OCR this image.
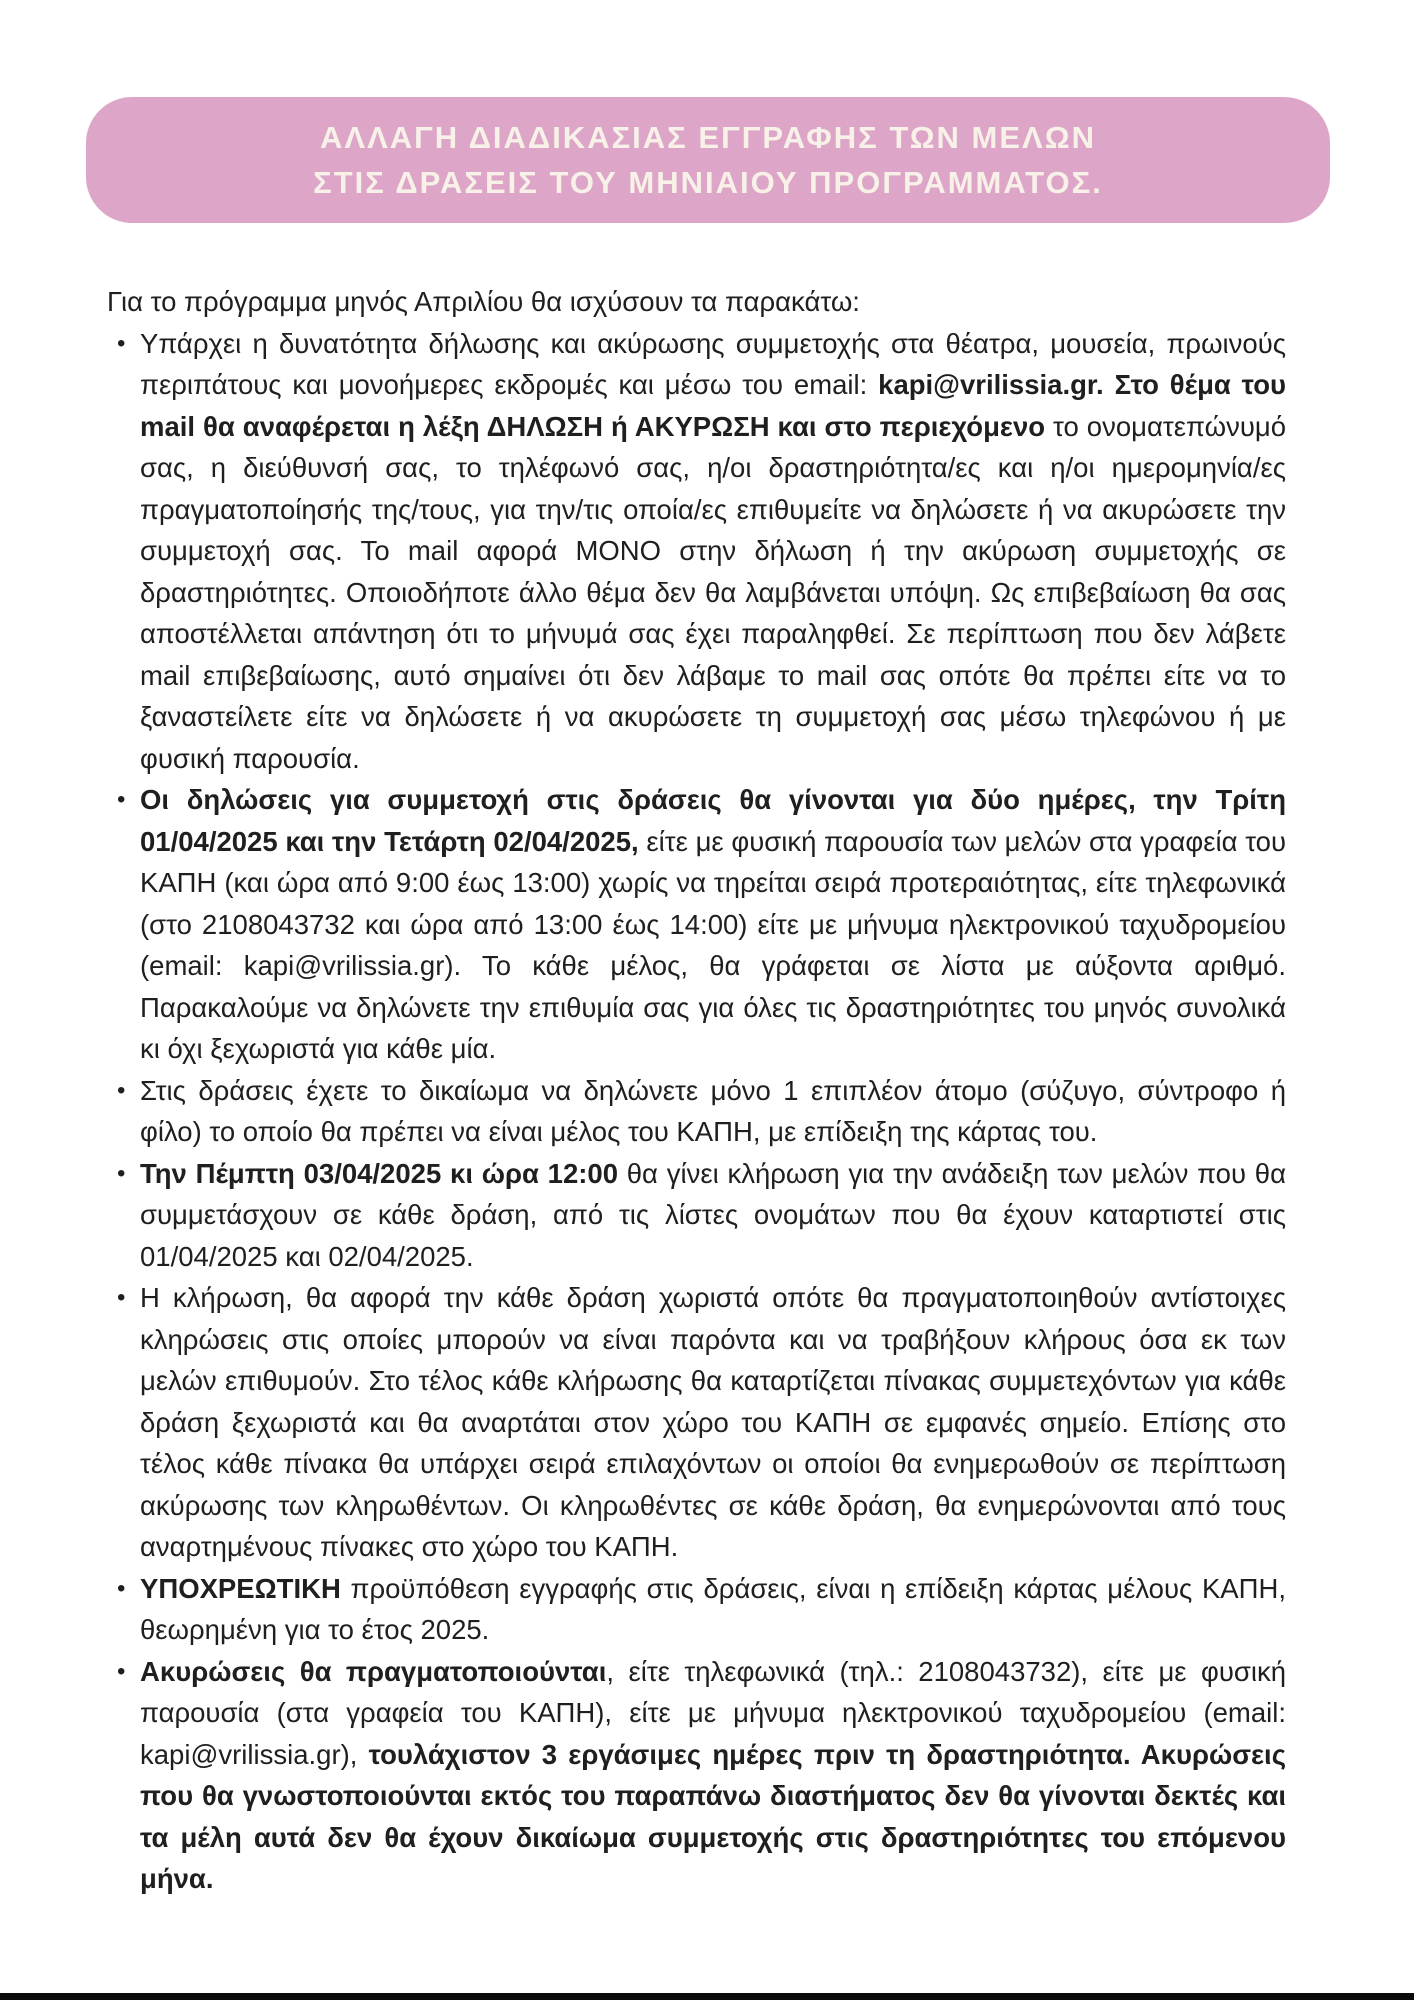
ΑΛΛΑΓΗ ΔΙΑΔΙΚΑΣΙΑΣ ΕΓΓΡΑΦΗΣ ΤΩΝ ΜΕΛΩΝ
ΣΤΙΣ ΔΡΑΣΕΙΣ ΤΟΥ ΜΗΝΙΑΙΟΥ ΠΡΟΓΡΑΜΜΑΤΟΣ.

Για το πρόγραμμα μηνός Απριλίου θα ισχύσουν τα παρακάτω:

• Υπάρχει η δυνατότητα δήλωσης και ακύρωσης συμμετοχής στα θέατρα, μουσεία, πρωινούς περιπάτους και μονοήμερες εκδρομές και μέσω του email: kapi@vrilissia.gr. Στο θέμα του mail θα αναφέρεται η λέξη ΔΗΛΩΣΗ ή ΑΚΥΡΩΣΗ και στο περιεχόμενο το ονοματεπώνυμό σας, η διεύθυνσή σας, το τηλέφωνό σας, η/οι δραστηριότητα/ες και η/οι ημερομηνία/ες πραγματοποίησής της/τους, για την/τις οποία/ες επιθυμείτε να δηλώσετε ή να ακυρώσετε την συμμετοχή σας. Το mail αφορά ΜΟΝΟ στην δήλωση ή την ακύρωση συμμετοχής σε δραστηριότητες. Οποιοδήποτε άλλο θέμα δεν θα λαμβάνεται υπόψη. Ως επιβεβαίωση θα σας αποστέλλεται απάντηση ότι το μήνυμά σας έχει παραληφθεί. Σε περίπτωση που δεν λάβετε mail επιβεβαίωσης, αυτό σημαίνει ότι δεν λάβαμε το mail σας οπότε θα πρέπει είτε να το ξαναστείλετε είτε να δηλώσετε ή να ακυρώσετε τη συμμετοχή σας μέσω τηλεφώνου ή με φυσική παρουσία.
• Οι δηλώσεις για συμμετοχή στις δράσεις θα γίνονται για δύο ημέρες, την Τρίτη 01/04/2025 και την Τετάρτη 02/04/2025, είτε με φυσική παρουσία των μελών στα γραφεία του ΚΑΠΗ (και ώρα από 9:00 έως 13:00) χωρίς να τηρείται σειρά προτεραιότητας, είτε τηλεφωνικά (στο 2108043732 και ώρα από 13:00 έως 14:00) είτε με μήνυμα ηλεκτρονικού ταχυδρομείου (email: kapi@vrilissia.gr). Το κάθε μέλος, θα γράφεται σε λίστα με αύξοντα αριθμό. Παρακαλούμε να δηλώνετε την επιθυμία σας για όλες τις δραστηριότητες του μηνός συνολικά κι όχι ξεχωριστά για κάθε μία.
• Στις δράσεις έχετε το δικαίωμα να δηλώνετε μόνο 1 επιπλέον άτομο (σύζυγο, σύντροφο ή φίλο) το οποίο θα πρέπει να είναι μέλος του ΚΑΠΗ, με επίδειξη της κάρτας του.
• Την Πέμπτη 03/04/2025 κι ώρα 12:00 θα γίνει κλήρωση για την ανάδειξη των μελών που θα συμμετάσχουν σε κάθε δράση, από τις λίστες ονομάτων που θα έχουν καταρτιστεί στις 01/04/2025 και 02/04/2025.
• Η κλήρωση, θα αφορά την κάθε δράση χωριστά οπότε θα πραγματοποιηθούν αντίστοιχες κληρώσεις στις οποίες μπορούν να είναι παρόντα και να τραβήξουν κλήρους όσα εκ των μελών επιθυμούν. Στο τέλος κάθε κλήρωσης θα καταρτίζεται πίνακας συμμετεχόντων για κάθε δράση ξεχωριστά και θα αναρτάται στον χώρο του ΚΑΠΗ σε εμφανές σημείο. Επίσης στο τέλος κάθε πίνακα θα υπάρχει σειρά επιλαχόντων οι οποίοι θα ενημερωθούν σε περίπτωση ακύρωσης των κληρωθέντων. Οι κληρωθέντες σε κάθε δράση, θα ενημερώνονται από τους αναρτημένους πίνακες στο χώρο του ΚΑΠΗ.
• ΥΠΟΧΡΕΩΤΙΚΗ προϋπόθεση εγγραφής στις δράσεις, είναι η επίδειξη κάρτας μέλους ΚΑΠΗ, θεωρημένη για το έτος 2025.
• Ακυρώσεις θα πραγματοποιούνται, είτε τηλεφωνικά (τηλ.: 2108043732), είτε με φυσική παρουσία (στα γραφεία του ΚΑΠΗ), είτε με μήνυμα ηλεκτρονικού ταχυδρομείου (email: kapi@vrilissia.gr), τουλάχιστον 3 εργάσιμες ημέρες πριν τη δραστηριότητα. Ακυρώσεις που θα γνωστοποιούνται εκτός του παραπάνω διαστήματος δεν θα γίνονται δεκτές και τα μέλη αυτά δεν θα έχουν δικαίωμα συμμετοχής στις δραστηριότητες του επόμενου μήνα.
